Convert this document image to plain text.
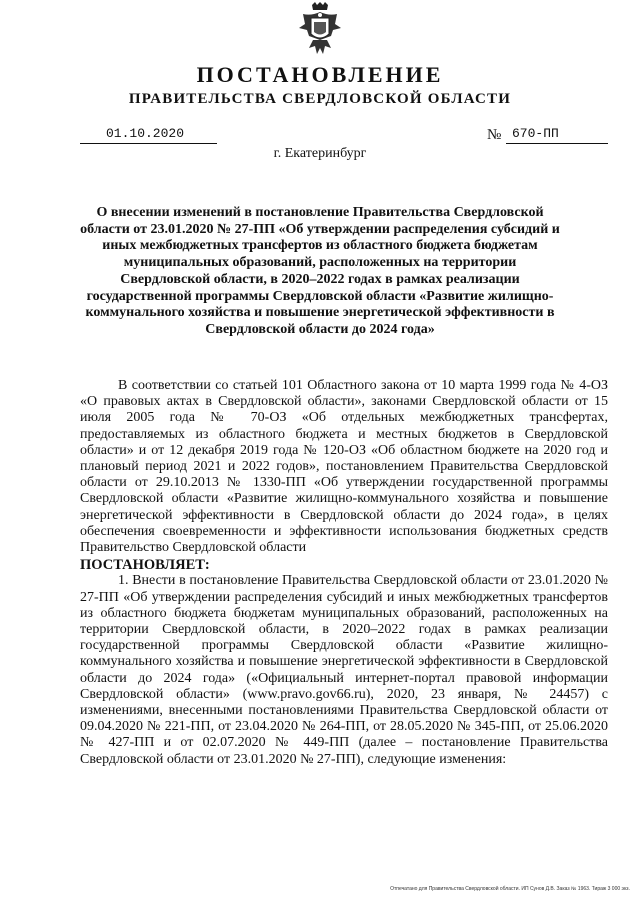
ПОСТАНОВЛЕНИЕ
ПРАВИТЕЛЬСТВА СВЕРДЛОВСКОЙ ОБЛАСТИ
01.10.2020	№ 670-ПП
г. Екатеринбург
О внесении изменений в постановление Правительства Свердловской области от 23.01.2020 № 27-ПП «Об утверждении распределения субсидий и иных межбюджетных трансфертов из областного бюджета бюджетам муниципальных образований, расположенных на территории Свердловской области, в 2020–2022 годах в рамках реализации государственной программы Свердловской области «Развитие жилищно-коммунального хозяйства и повышение энергетической эффективности в Свердловской области до 2024 года»

В соответствии со статьей 101 Областного закона от 10 марта 1999 года № 4-ОЗ «О правовых актах в Свердловской области», законами Свердловской области от 15 июля 2005 года № 70-ОЗ «Об отдельных межбюджетных трансфертах, предоставляемых из областного бюджета и местных бюджетов в Свердловской области» и от 12 декабря 2019 года № 120-ОЗ «Об областном бюджете на 2020 год и плановый период 2021 и 2022 годов», постановлением Правительства Свердловской области от 29.10.2013 № 1330-ПП «Об утверждении государственной программы Свердловской области «Развитие жилищно-коммунального хозяйства и повышение энергетической эффективности в Свердловской области до 2024 года», в целях обеспечения своевременности и эффективности использования бюджетных средств Правительство Свердловской области

ПОСТАНОВЛЯЕТ:

1. Внести в постановление Правительства Свердловской области от 23.01.2020 № 27-ПП «Об утверждении распределения субсидий и иных межбюджетных трансфертов из областного бюджета бюджетам муниципальных образований, расположенных на территории Свердловской области, в 2020–2022 годах в рамках реализации государственной программы Свердловской области «Развитие жилищно-коммунального хозяйства и повышение энергетической эффективности в Свердловской области до 2024 года» («Официальный интернет-портал правовой информации Свердловской области» (www.pravo.gov66.ru), 2020, 23 января, № 24457) с изменениями, внесенными постановлениями Правительства Свердловской области от 09.04.2020 № 221-ПП, от 23.04.2020 № 264-ПП, от 28.05.2020 № 345-ПП, от 25.06.2020 № 427-ПП и от 02.07.2020 № 449-ПП (далее – постановление Правительства Свердловской области от 23.01.2020 № 27-ПП), следующие изменения:

Отпечатано для Правительства Свердловской области. ИП Сунов Д.В. Заказ № 1963. Тираж 3 000 экз.
